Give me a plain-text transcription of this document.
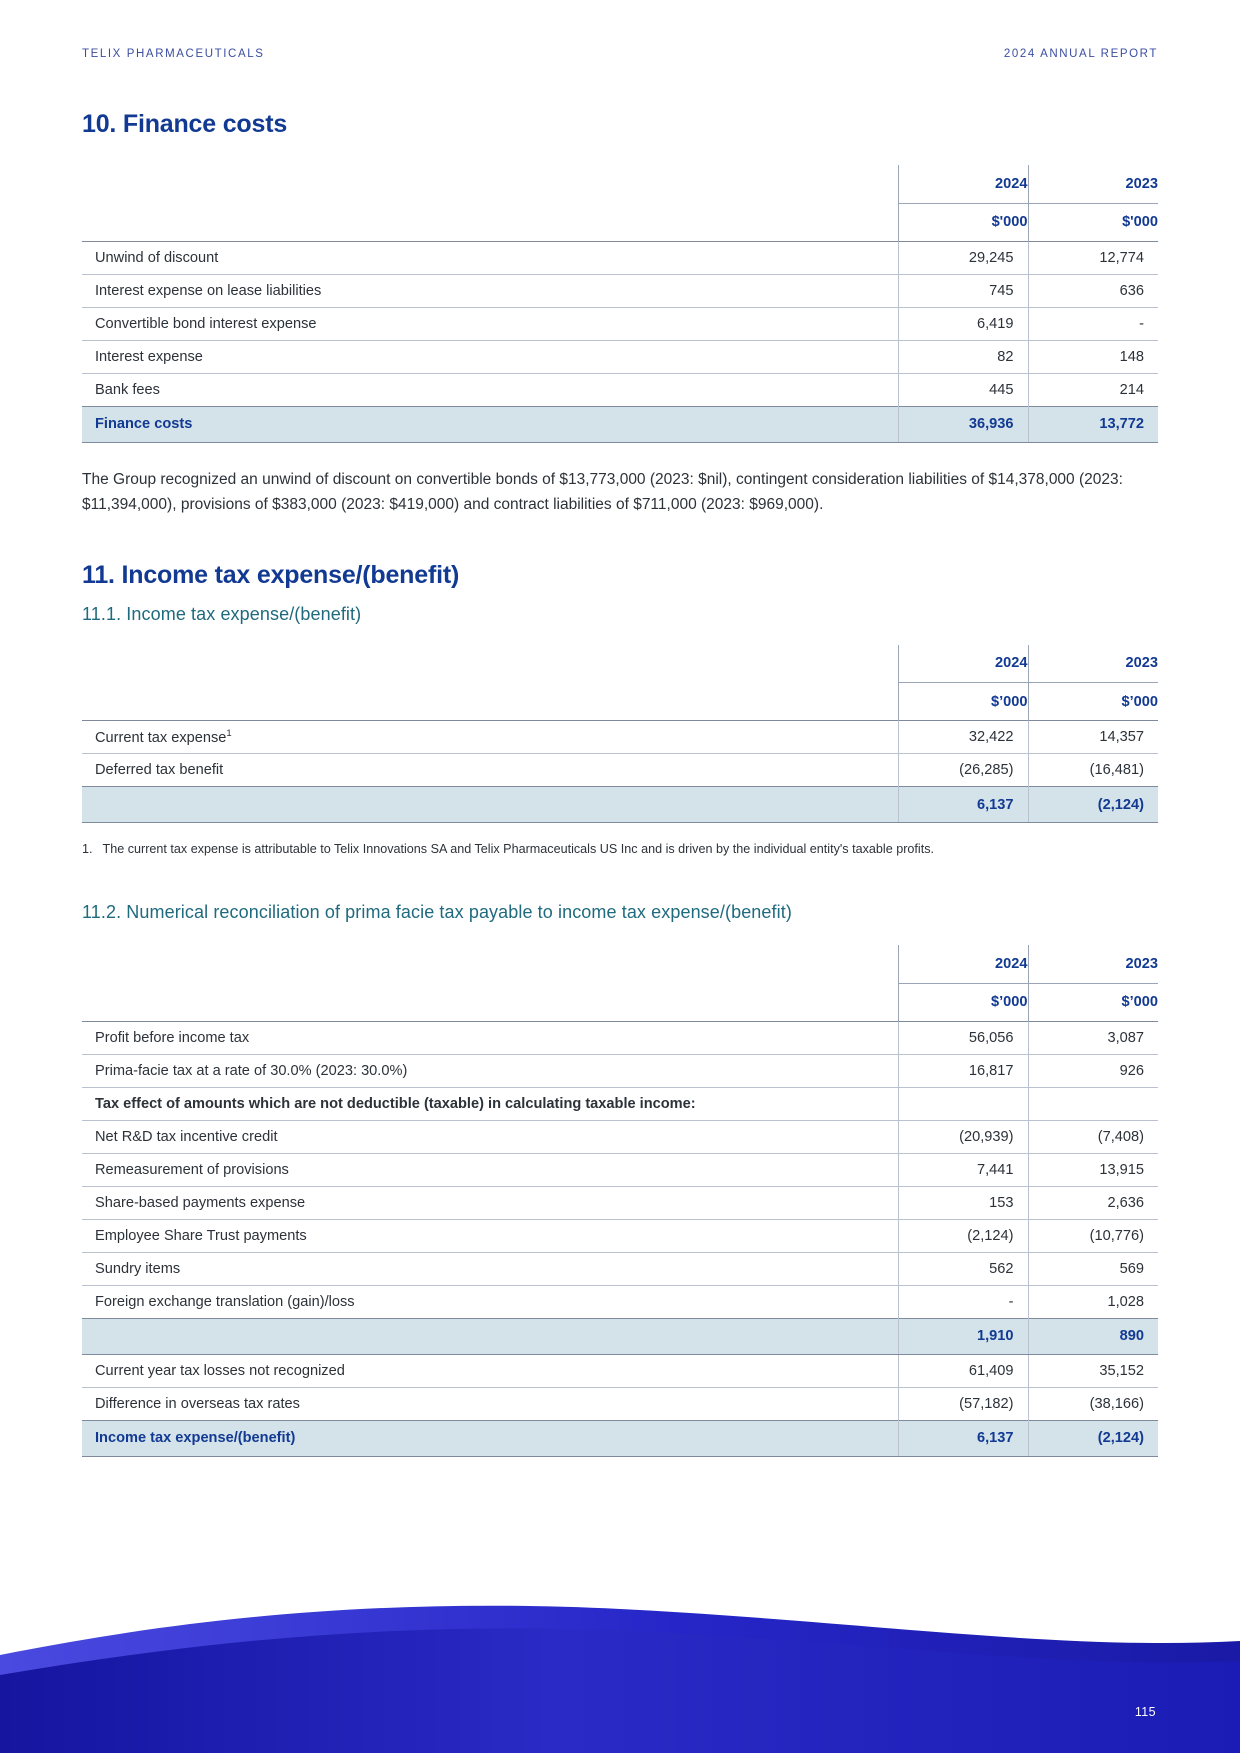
TELIX PHARMACEUTICALS	2024 ANNUAL REPORT
10. Finance costs
	2024	2023
	$'000	$'000
Unwind of discount	29,245	12,774
Interest expense on lease liabilities	745	636
Convertible bond interest expense	6,419	-
Interest expense	82	148
Bank fees	445	214
Finance costs	36,936	13,772

The Group recognized an unwind of discount on convertible bonds of $13,773,000 (2023: $nil), contingent consideration liabilities of $14,378,000 (2023: $11,394,000), provisions of $383,000 (2023: $419,000) and contract liabilities of $711,000 (2023: $969,000).

11. Income tax expense/(benefit)
11.1. Income tax expense/(benefit)
	2024	2023
	$’000	$’000
Current tax expense$^1$	32,422	14,357
Deferred tax benefit	(26,285)	(16,481)
	6,137	(2,124)
1. The current tax expense is attributable to Telix Innovations SA and Telix Pharmaceuticals US Inc and is driven by the individual entity's taxable profits.
11.2. Numerical reconciliation of prima facie tax payable to income tax expense/(benefit)
	2024	2023
	$’000	$’000
Profit before income tax	56,056	3,087
Prima-facie tax at a rate of 30.0% (2023: 30.0%)	16,817	926
Tax effect of amounts which are not deductible (taxable) in calculating taxable income:		
Net R&D tax incentive credit	(20,939)	(7,408)
Remeasurement of provisions	7,441	13,915
Share-based payments expense	153	2,636
Employee Share Trust payments	(2,124)	(10,776)
Sundry items	562	569
Foreign exchange translation (gain)/loss	-	1,028
	1,910	890
Current year tax losses not recognized	61,409	35,152
Difference in overseas tax rates	(57,182)	(38,166)
Income tax expense/(benefit)	6,137	(2,124)
115
